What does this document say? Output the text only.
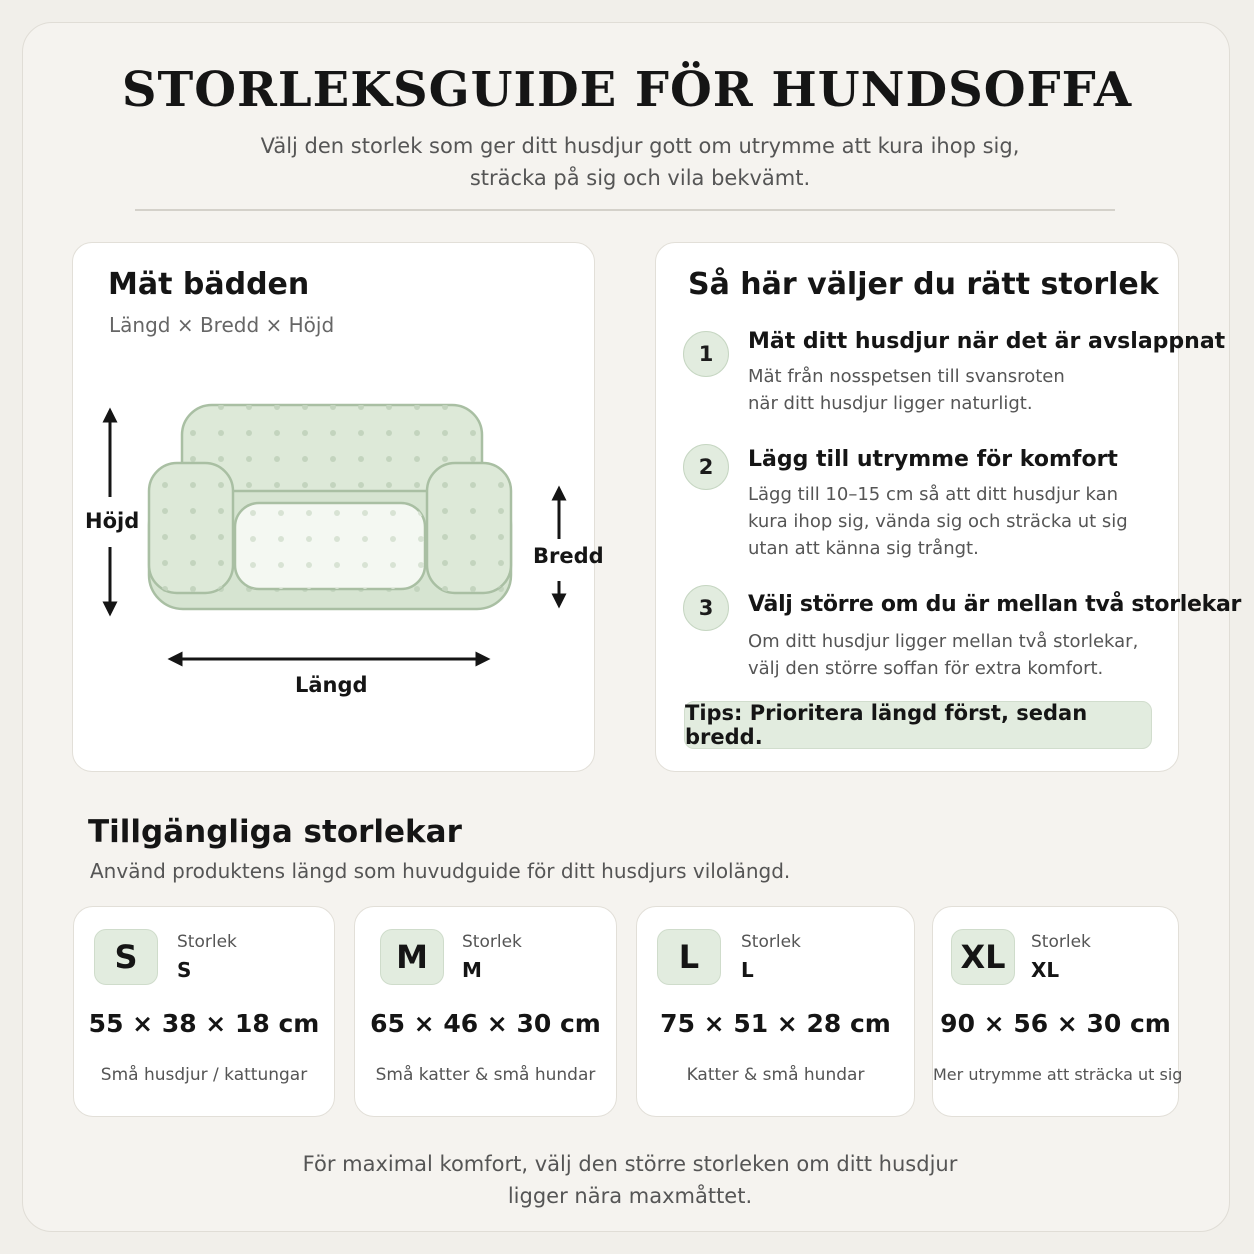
STORLEKSGUIDE FÖR HUNDSOFFA
Välj den storlek som ger ditt husdjur gott om utrymme att kura ihop sig,
sträcka på sig och vila bekvämt.
Mät bädden
Längd × Bredd × Höjd
Höjd
Bredd
Längd
Så här väljer du rätt storlek
1	Mät ditt husdjur när det är avslappnat
Mät från nosspetsen till svansroten
när ditt husdjur ligger naturligt.
2	Lägg till utrymme för komfort
Lägg till 10–15 cm så att ditt husdjur kan
kura ihop sig, vända sig och sträcka ut sig
utan att känna sig trångt.
3	Välj större om du är mellan två storlekar
Om ditt husdjur ligger mellan två storlekar,
välj den större soffan för extra komfort.
Tips: Prioritera längd först, sedan bredd.
Tillgängliga storlekar
Använd produktens längd som huvudguide för ditt husdjurs vilolängd.
S	Storlek
S
55 × 38 × 18 cm
Små husdjur / kattungar
M	Storlek
M
65 × 46 × 30 cm
Små katter & små hundar
L	Storlek
L
75 × 51 × 28 cm
Katter & små hundar
XL	Storlek
XL
90 × 56 × 30 cm
Mer utrymme att sträcka ut sig
För maximal komfort, välj den större storleken om ditt husdjur
ligger nära maxmåttet.
